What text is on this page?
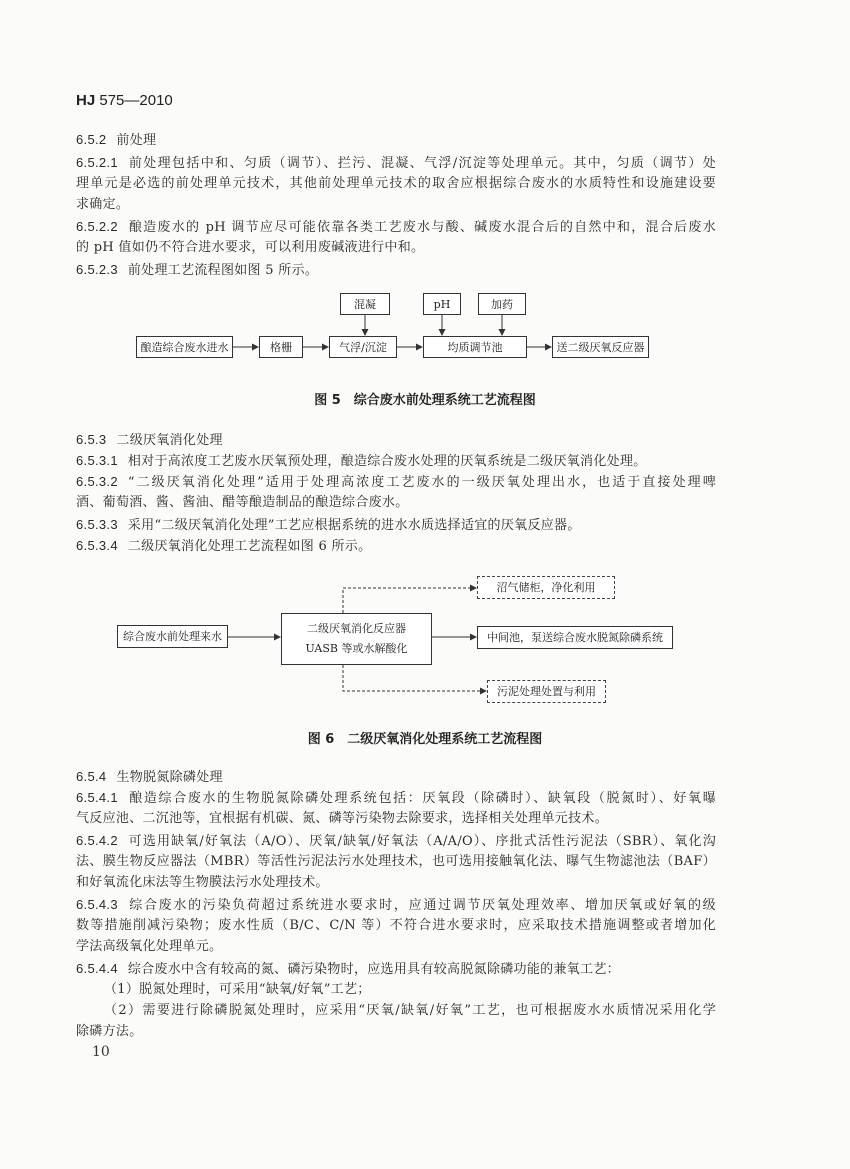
HJ 575—2010
6.5.2 前处理
6.5.2.1 前处理包括中和、匀质（调节）、拦污、混凝、气浮/沉淀等处理单元。其中，匀质（调节）处
理单元是必选的前处理单元技术，其他前处理单元技术的取舍应根据综合废水的水质特性和设施建设要
求确定。
6.5.2.2 酿造废水的 pH 调节应尽可能依靠各类工艺废水与酸、碱废水混合后的自然中和，混合后废水
的 pH 值如仍不符合进水要求，可以利用废碱液进行中和。
6.5.2.3 前处理工艺流程图如图 5 所示。
混凝	pH	加药
酿造综合废水进水	格栅	气浮/沉淀	均质调节池	送二级厌氧反应器
图 5　综合废水前处理系统工艺流程图
6.5.3 二级厌氧消化处理
6.5.3.1 相对于高浓度工艺废水厌氧预处理，酿造综合废水处理的厌氧系统是二级厌氧消化处理。
6.5.3.2 “二级厌氧消化处理”适用于处理高浓度工艺废水的一级厌氧处理出水，也适于直接处理啤
酒、葡萄酒、酱、酱油、醋等酿造制品的酿造综合废水。
6.5.3.3 采用“二级厌氧消化处理”工艺应根据系统的进水水质选择适宜的厌氧反应器。
6.5.3.4 二级厌氧消化处理工艺流程如图 6 所示。
沼气储柜，净化利用
综合废水前处理来水
二级厌氧消化反应器
UASB 等或水解酸化
中间池，泵送综合废水脱氮除磷系统
污泥处理处置与利用
图 6　二级厌氧消化处理系统工艺流程图
6.5.4 生物脱氮除磷处理
6.5.4.1 酿造综合废水的生物脱氮除磷处理系统包括：厌氧段（除磷时）、缺氧段（脱氮时）、好氧曝
气反应池、二沉池等，宜根据有机碳、氮、磷等污染物去除要求，选择相关处理单元技术。
6.5.4.2 可选用缺氧/好氧法（A/O）、厌氧/缺氧/好氧法（A/A/O）、序批式活性污泥法（SBR）、氧化沟
法、膜生物反应器法（MBR）等活性污泥法污水处理技术，也可选用接触氧化法、曝气生物滤池法（BAF）
和好氧流化床法等生物膜法污水处理技术。
6.5.4.3 综合废水的污染负荷超过系统进水要求时，应通过调节厌氧处理效率、增加厌氧或好氧的级
数等措施削减污染物；废水性质（B/C、C/N 等）不符合进水要求时，应采取技术措施调整或者增加化
学法高级氧化处理单元。
6.5.4.4 综合废水中含有较高的氮、磷污染物时，应选用具有较高脱氮除磷功能的兼氧工艺：
（1）脱氮处理时，可采用“缺氧/好氧”工艺；
（2）需要进行除磷脱氮处理时，应采用“厌氧/缺氧/好氧”工艺，也可根据废水水质情况采用化学
除磷方法。
10
